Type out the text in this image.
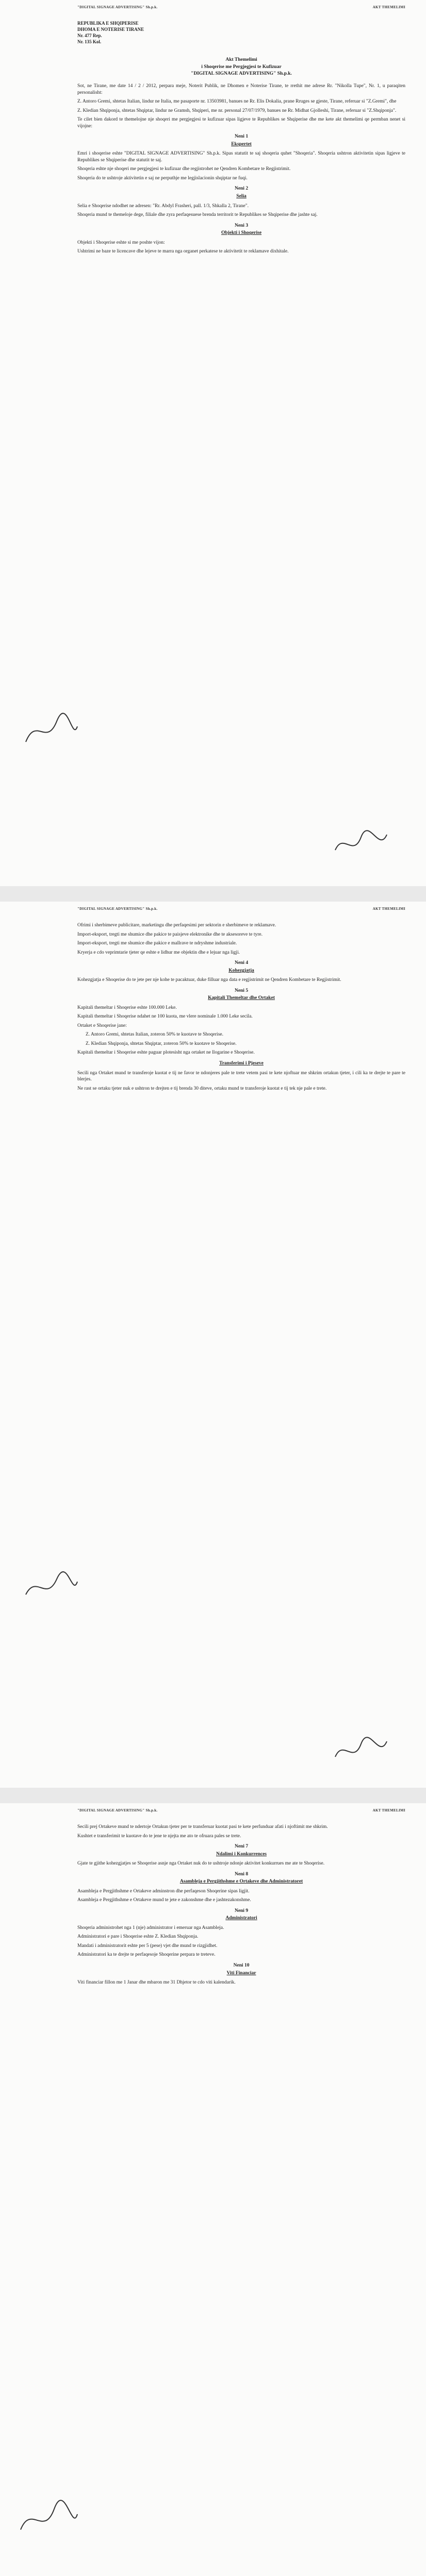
"DIGITAL SIGNAGE ADVERTISING" Sh.p.k.	AKT THEMELIMI
REPUBLIKA E SHQIPERISE
DHOMA E NOTERISE TIRANE
Nr. 477 Rep.
Nr. 135 Kol.
Akt Themelimi
i Shoqerise me Pergjegjesi te Kufizuar
"DIGITAL SIGNAGE ADVERTISING" Sh.p.k.

Sot, ne Tirane, me date 14 / 2 / 2012, perpara meje, Noterit Publik, ne Dhomen e Noterise Tirane, te rrethit me adrese Rr. "Nikolla Tupe", Nr. 1, u paraqiten personalisht:

Z. Antoro Gremi, shtetas Italian, lindur ne Italia, me pasaporte nr. 13503981, banues ne Rr. Elis Dokalia, prane Rruges se gjeste, Tirane, referuar si "Z.Gremi", dhe

Z. Kledian Shqiponja, shtetas Shqiptar, lindur ne Gramsh, Shqiperi, me nr. personal 27/07/1979, banues ne Rr. Midhat Gjolleshi, Tirane, referuar si "Z.Shqiponja".

Te cilet bien dakord te themelojne nje shoqeri me pergjegjesi te kufizuar sipas ligjeve te Republikes se Shqiperise dhe me kete akt themelimi qe permban nenet si vijojne:

Neni 1
Ekspertet

Emri i shoqerise eshte "DIGITAL SIGNAGE ADVERTISING" Sh.p.k. Sipas statutit te saj shoqeria quhet "Shoqeria". Shoqeria ushtron aktivitetin sipas ligjeve te Republikes se Shqiperise dhe statutit te saj.

Shoqeria eshte nje shoqeri me pergjegjesi te kufizuar dhe regjistrohet ne Qendren Kombetare te Regjistrimit.

Shoqeria do te ushtroje aktivitetin e saj ne perputhje me legjislacionin shqiptar ne fuqi.

Neni 2
Selia

Selia e Shoqerise ndodhet ne adresen: "Rr. Abdyl Frasheri, pall. 1/3, Shkalla 2, Tirane".

Shoqeria mund te themeloje dege, filiale dhe zyra perfaqesuese brenda territorit te Republikes se Shqiperise dhe jashte saj.

Neni 3
Objekti i Shoqerise

Objekti i Shoqerise eshte si me poshte vijon:

Ushtrimi ne baze te licencave dhe lejeve te marra nga organet perkatese te aktivitetit te reklamave dixhitale.

"DIGITAL SIGNAGE ADVERTISING" Sh.p.k.	AKT THEMELIMI

Ofrimi i sherbimeve publicitare, marketingu dhe perfaqesimi per sektorin e sherbimeve te reklamave.

Import-eksport, tregti me shumice dhe pakice te paisjeve elektronike dhe te aksesoreve te tyre.

Import-eksport, tregti me shumice dhe pakice e mallrave te ndryshme industriale.

Kryerja e cdo veprimtarie tjeter qe eshte e lidhur me objektin dhe e lejuar nga ligji.

Neni 4
Kohezgjatja

Kohezgjatja e Shoqerise do te jete per nje kohe te pacaktuar, duke filluar nga data e regjistrimit ne Qendren Kombetare te Regjistrimit.

Neni 5
Kapitali Themeltar dhe Ortaket

Kapitali themeltar i Shoqerise eshte 100.000 Leke.

Kapitali themeltar i Shoqerise ndahet ne 100 kuota, me vlere nominale 1.000 Leke secila.

Ortaket e Shoqerise jane:

Z. Antoro Gremi, shtetas Italian, zoteron 50% te kuotave te Shoqerise.

Z. Kledian Shqiponja, shtetas Shqiptar, zoteron 50% te kuotave te Shoqerise.

Kapitali themeltar i Shoqerise eshte paguar plotesisht nga ortaket ne llogarine e Shoqerise.

Transferimi i Pjeseve

Secili nga Ortaket mund te transferoje kuotat e tij ne favor te ndonjeres pale te trete vetem pasi te kete njoftuar me shkrim ortakun tjeter, i cili ka te drejte te pare te blerjes.

Ne rast se ortaku tjeter nuk e ushtron te drejten e tij brenda 30 diteve, ortaku mund te transferoje kuotat e tij tek nje pale e trete.

"DIGITAL SIGNAGE ADVERTISING" Sh.p.k.	AKT THEMELIMI

Secili prej Ortakeve mund te ndertoje Ortakun tjeter per te transferuar kuotat pasi te kete perfunduar afati i njoftimit me shkrim.

Kushtet e transferimit te kuotave do te jene te njejta me ato te ofruara pales se trete.

Neni 7
Ndalimi i Konkurrences

Gjate te gjithe kohezgjatjes se Shoqerise asnje nga Ortaket nuk do te ushtroje ndonje aktivitet konkurrues me ate te Shoqerise.

Neni 8
Asambleja e Pergjithshme e Ortakeve dhe Administratoret

Asambleja e Pergjithshme e Ortakeve adminstron dhe perfaqeson Shoqerine sipas ligjit.

Asambleja e Pergjithshme e Ortakeve mund te jete e zakonshme dhe e jashtezakonshme.

Neni 9
Administratori

Shoqeria administrohet nga 1 (nje) administrator i emeruar nga Asambleja.

Administratori e pare i Shoqerise eshte Z. Kledian Shqiponja.

Mandati i administratorit eshte per 5 (pese) vjet dhe mund te rizgjidhet.

Administratori ka te drejte te perfaqesoje Shoqerine perpara te treteve.

Neni 10
Viti Financiar

Viti financiar fillon me 1 Janar dhe mbaron me 31 Dhjetor te cdo viti kalendarik.
